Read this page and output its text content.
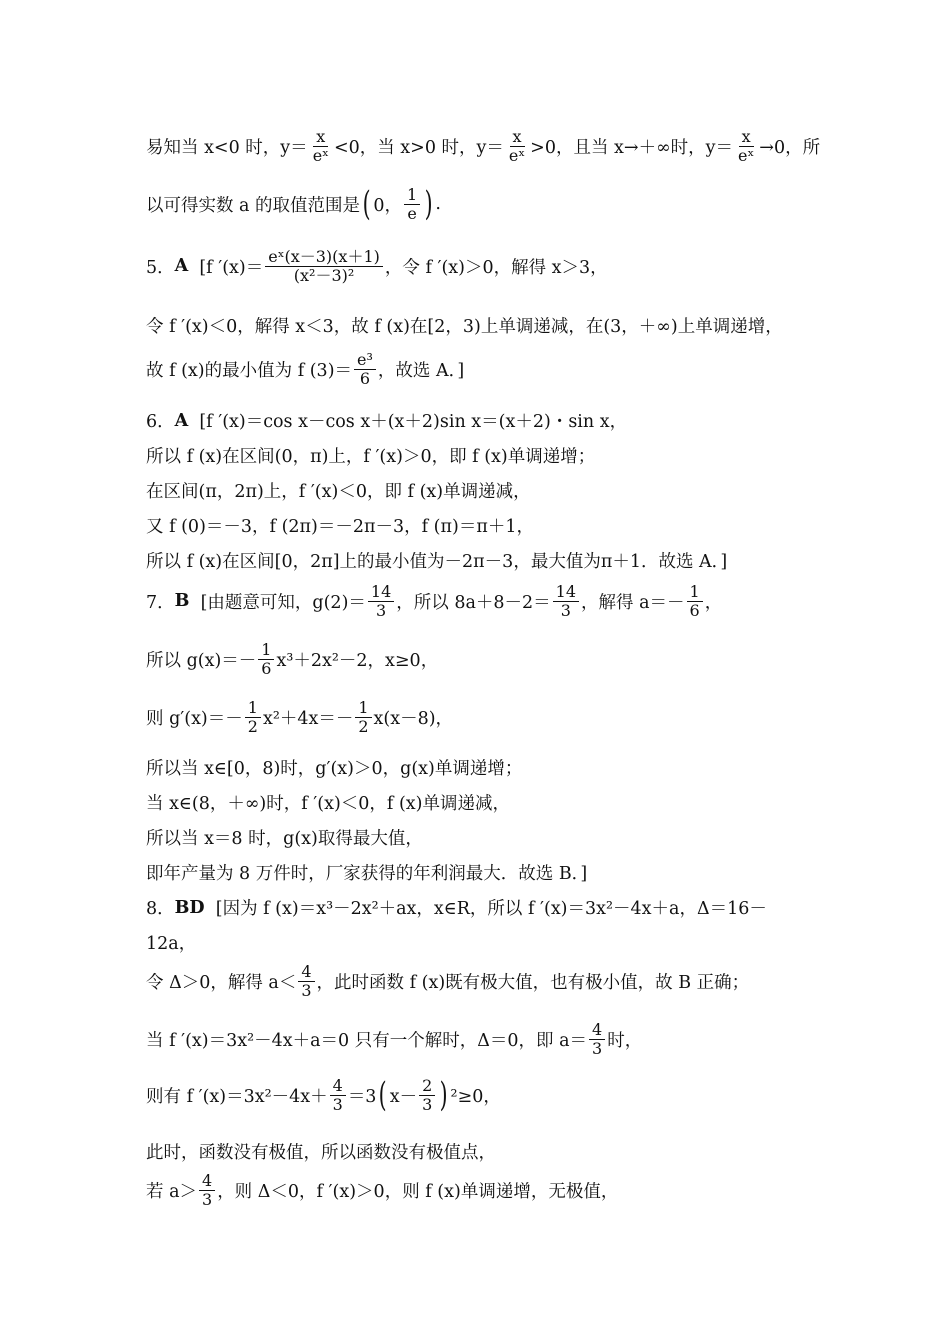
易知当 x<0 时，$y= \frac{x}{\text{eˣ}} <0$，当 x>0 时，$y= \frac{x}{\text{eˣ}} >0$，且当 x→＋∞时，$y= \frac{x}{\text{eˣ}} \to 0$，所
以可得实数 a 的取值范围是 ( 0， $\frac{1}{e}$ ) .
5． A
[f $'(x)= \frac{\text{eˣ(x－3)(x＋1)}}{\text{(x²－3)²}}$ ，令 f ′(x)＞0，解得 x＞3，
令 f ′(x)＜0，解得 x＜3，故 f (x)在[2，3)上单调递减，在(3，＋∞)上单调递增，
故 f (x)的最小值为 f $(3)= \frac{\text{e³}}{6}$ ，故选 A．]
6． A
[f ′(x)＝cos x－cos x＋(x＋2)sin x＝(x＋2)・sin x，
所以 f (x)在区间(0，π)上，f ′(x)＞0，即 f (x)单调递增；
在区间(π，2π)上，f ′(x)＜0，即 f (x)单调递减，
又 f (0)＝－3，f (2π)＝－2π－3，f (π)＝π＋1，
所以 f (x)在区间[0，2π]上的最小值为－2π－3，最大值为π＋1．故选 A．]
7． B
[由题意可知，$g(2)= \frac{14}{3}$ ，所以 $8a+8-2= \frac{14}{3}$ ，解得 $a=- \frac{1}{6}$ ，
所以 $g(x)=- \frac{1}{6} x^3+2x^2-2$，x≥0，
则 $g'(x)=- \frac{1}{2} x^2+4x=- \frac{1}{2} x(x-8)$，
所以当 x∈[0，8)时，g′(x)＞0，g(x)单调递增；
当 x∈(8，＋∞)时，f ′(x)＜0，f (x)单调递减，
所以当 x＝8 时，g(x)取得最大值，
即年产量为 8 万件时，厂家获得的年利润最大．故选 B．]
8． BD
[因为 f (x)＝x³－2x²＋ax，x∈R，所以 f ′(x)＝3x²－4x＋a，Δ＝16－
12a，
令 Δ＞0，解得 $a< \frac{4}{3}$ ，此时函数 f (x)既有极大值，也有极小值，故 B 正确；
当 f ′(x)＝3x²－4x＋a＝0 只有一个解时，Δ＝0，即 $a= \frac{4}{3}$ 时，
则有 f $'(x)=3x^2-4x+ \frac{4}{3} =3$ ( $x- \frac{2}{3}$ ) ²≥0，
此时，函数没有极值，所以函数没有极值点，
若 $a> \frac{4}{3}$ ，则 Δ＜0，f ′(x)＞0，则 f (x)单调递增，无极值，
